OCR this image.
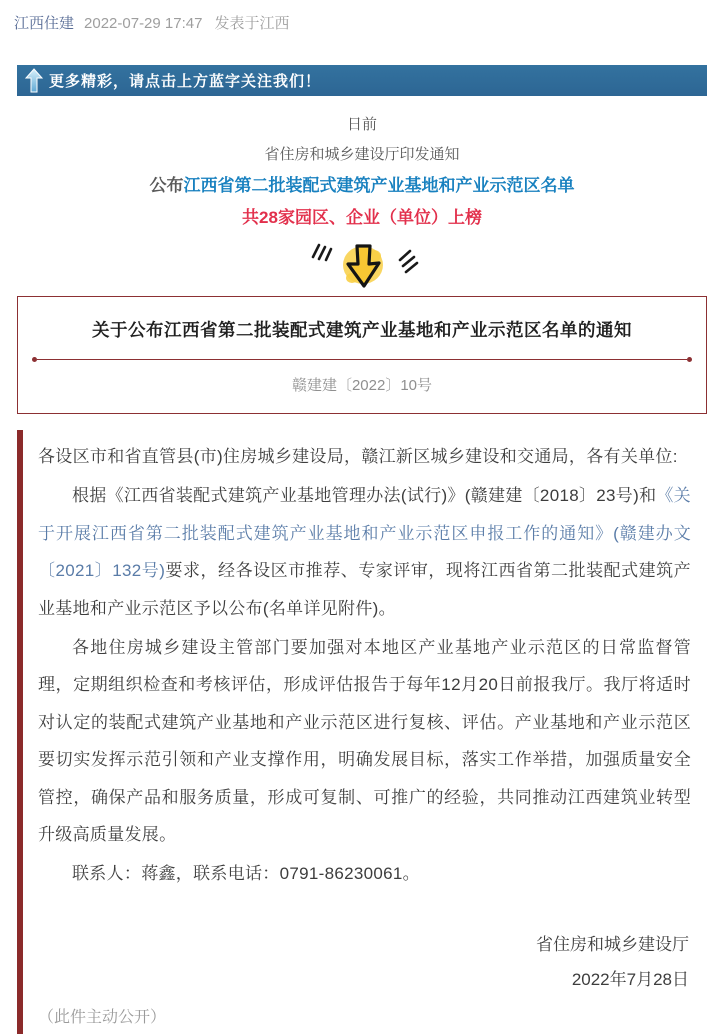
江西住建 2022-07-29 17:47 发表于江西
更多精彩，请点击上方蓝字关注我们！
日前
省住房和城乡建设厅印发通知
公布江西省第二批装配式建筑产业基地和产业示范区名单
共28家园区、企业（单位）上榜
关于公布江西省第二批装配式建筑产业基地和产业示范区名单的通知
赣建建〔2022〕10号

各设区市和省直管县(市)住房城乡建设局，赣江新区城乡建设和交通局，各有关单位:

根据《江西省装配式建筑产业基地管理办法(试行)》(赣建建〔2018〕23号)和《关于开展江西省第二批装配式建筑产业基地和产业示范区申报工作的通知》(赣建办文〔2021〕132号)要求，经各设区市推荐、专家评审，现将江西省第二批装配式建筑产业基地和产业示范区予以公布(名单详见附件)。

各地住房城乡建设主管部门要加强对本地区产业基地产业示范区的日常监督管理，定期组织检查和考核评估，形成评估报告于每年12月20日前报我厅。我厅将适时对认定的装配式建筑产业基地和产业示范区进行复核、评估。产业基地和产业示范区要切实发挥示范引领和产业支撑作用，明确发展目标，落实工作举措，加强质量安全管控，确保产品和服务质量，形成可复制、可推广的经验，共同推动江西建筑业转型升级高质量发展。

联系人：蒋鑫，联系电话：0791-86230061。

省住房和城乡建设厅
2022年7月28日
（此件主动公开）
